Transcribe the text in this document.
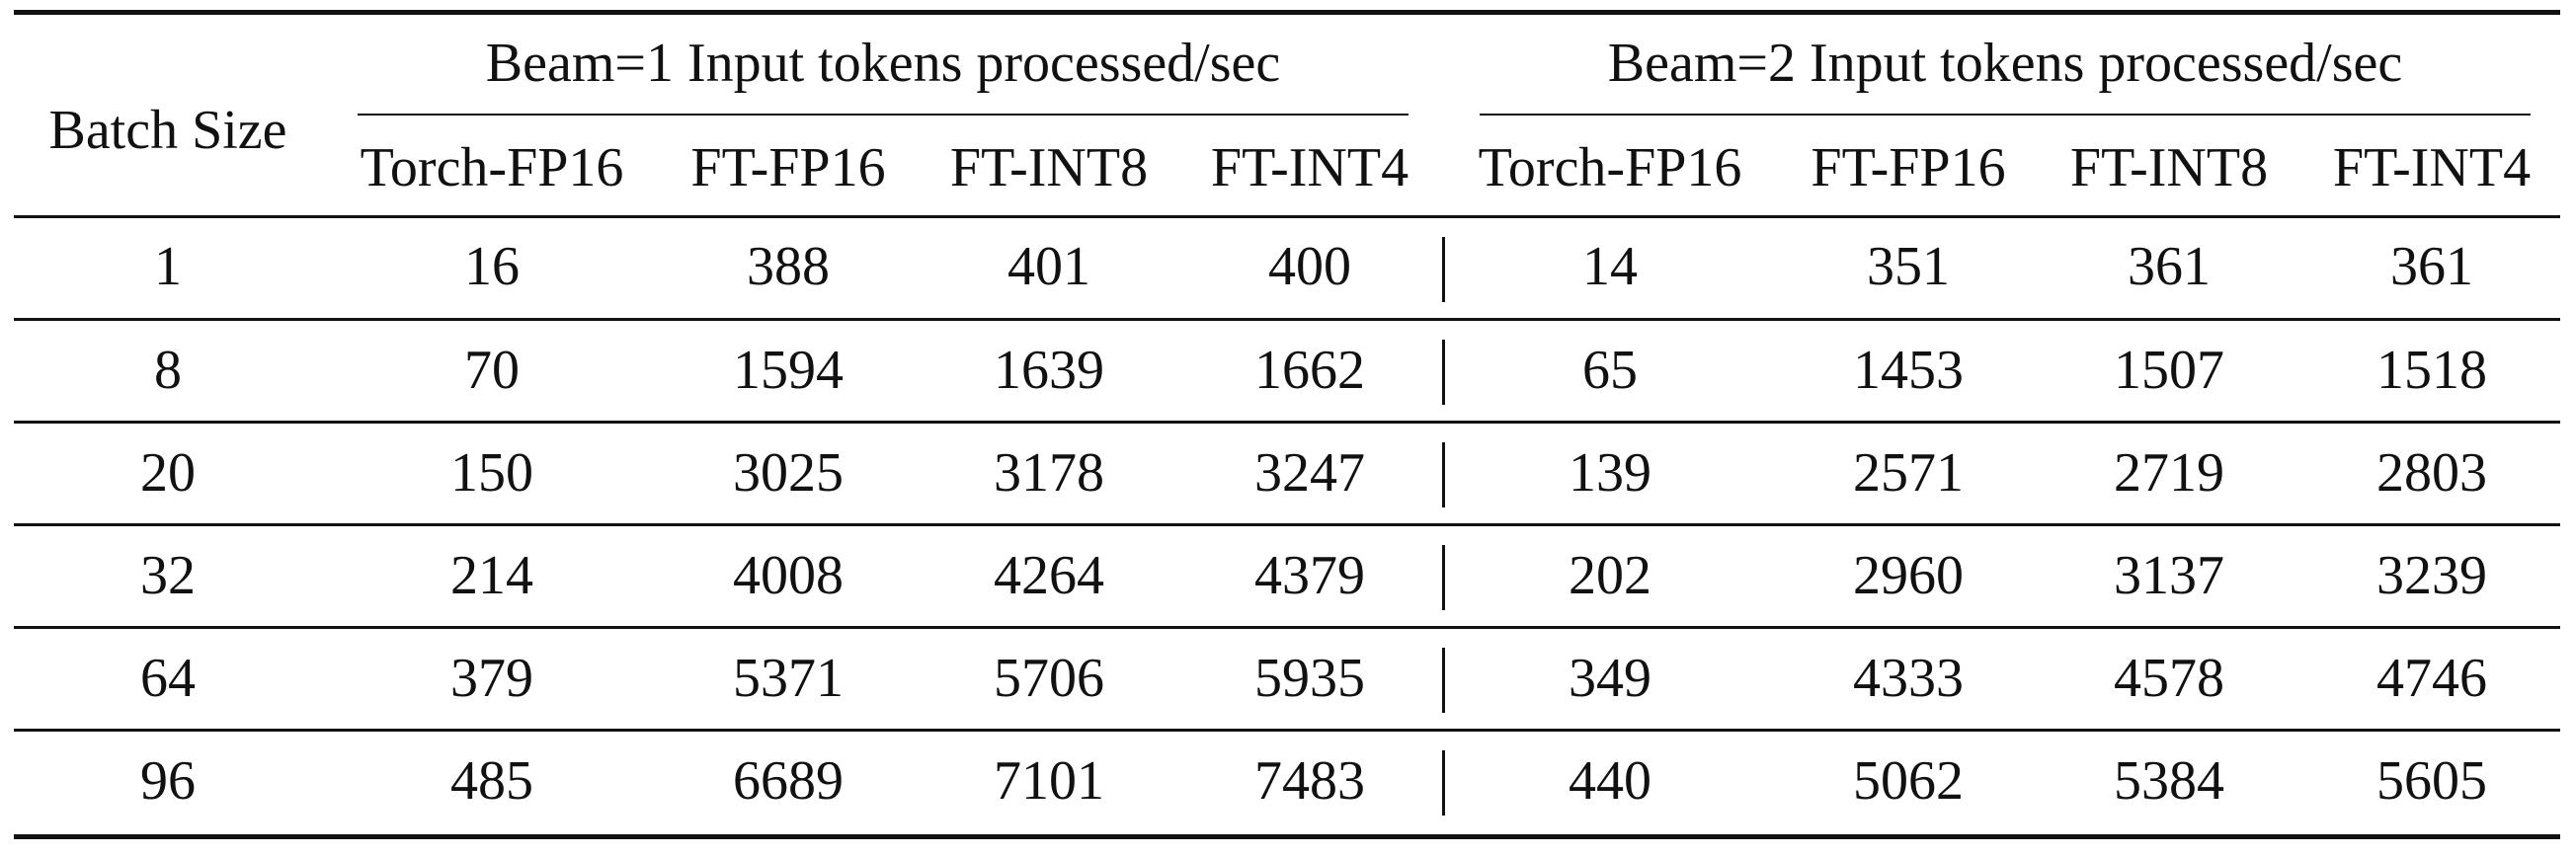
Batch Size
Beam=1 Input tokens processed/sec	Beam=2 Input tokens processed/sec
Torch-FP16	FT-FP16	FT-INT8	FT-INT4	Torch-FP16	FT-FP16	FT-INT8	FT-INT4
1	16	388	401	400	14	351	361	361
8	70	1594	1639	1662	65	1453	1507	1518
20	150	3025	3178	3247	139	2571	2719	2803
32	214	4008	4264	4379	202	2960	3137	3239
64	379	5371	5706	5935	349	4333	4578	4746
96	485	6689	7101	7483	440	5062	5384	5605
